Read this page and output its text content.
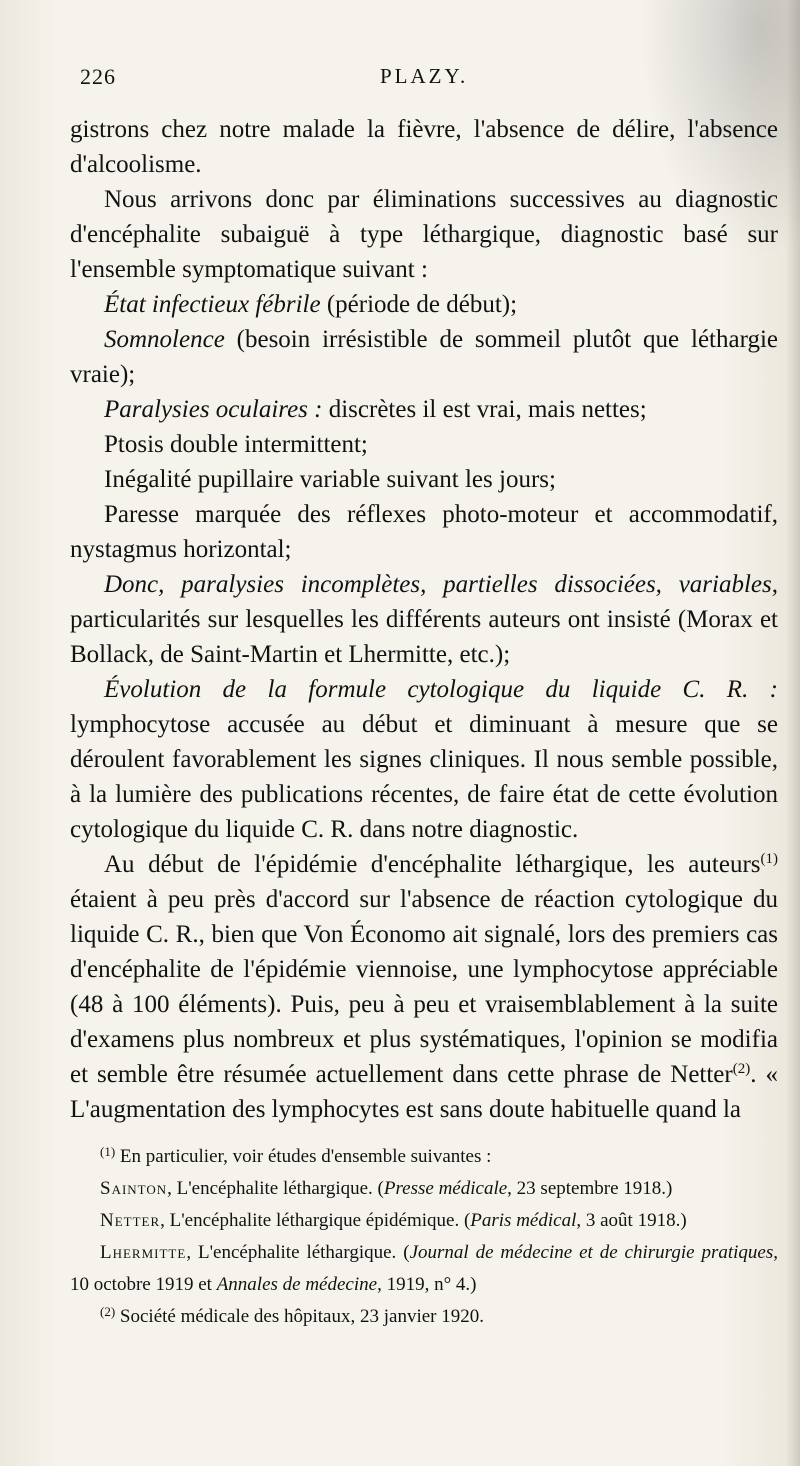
226	PLAZY.

gistrons chez notre malade la fièvre, l'absence de délire, l'absence d'alcoolisme.

Nous arrivons donc par éliminations successives au diagnostic d'encéphalite subaiguë à type léthargique, diagnostic basé sur l'ensemble symptomatique suivant :

État infectieux fébrile (période de début);

Somnolence (besoin irrésistible de sommeil plutôt que léthargie vraie);

Paralysies oculaires : discrètes il est vrai, mais nettes;

Ptosis double intermittent;

Inégalité pupillaire variable suivant les jours;

Paresse marquée des réflexes photo-moteur et accommodatif, nystagmus horizontal;

Donc, paralysies incomplètes, partielles dissociées, variables, particularités sur lesquelles les différents auteurs ont insisté (Morax et Bollack, de Saint-Martin et Lhermitte, etc.);

Évolution de la formule cytologique du liquide C. R. : lymphocytose accusée au début et diminuant à mesure que se déroulent favorablement les signes cliniques. Il nous semble possible, à la lumière des publications récentes, de faire état de cette évolution cytologique du liquide C. R. dans notre diagnostic.

Au début de l'épidémie d'encéphalite léthargique, les auteurs$^{(1)}$ étaient à peu près d'accord sur l'absence de réaction cytologique du liquide C. R., bien que Von Économo ait signalé, lors des premiers cas d'encéphalite de l'épidémie viennoise, une lymphocytose appréciable (48 à 100 éléments). Puis, peu à peu et vraisemblablement à la suite d'examens plus nombreux et plus systématiques, l'opinion se modifia et semble être résumée actuellement dans cette phrase de Netter$^{(2)}$. « L'augmentation des lymphocytes est sans doute habituelle quand la

$^{(1)}$ En particulier, voir études d'ensemble suivantes :

Sainton, L'encéphalite léthargique. (Presse médicale, 23 septembre 1918.)

Netter, L'encéphalite léthargique épidémique. (Paris médical, 3 août 1918.)

Lhermitte, L'encéphalite léthargique. (Journal de médecine et de chirurgie pratiques, 10 octobre 1919 et Annales de médecine, 1919, n° 4.)

$^{(2)}$ Société médicale des hôpitaux, 23 janvier 1920.
